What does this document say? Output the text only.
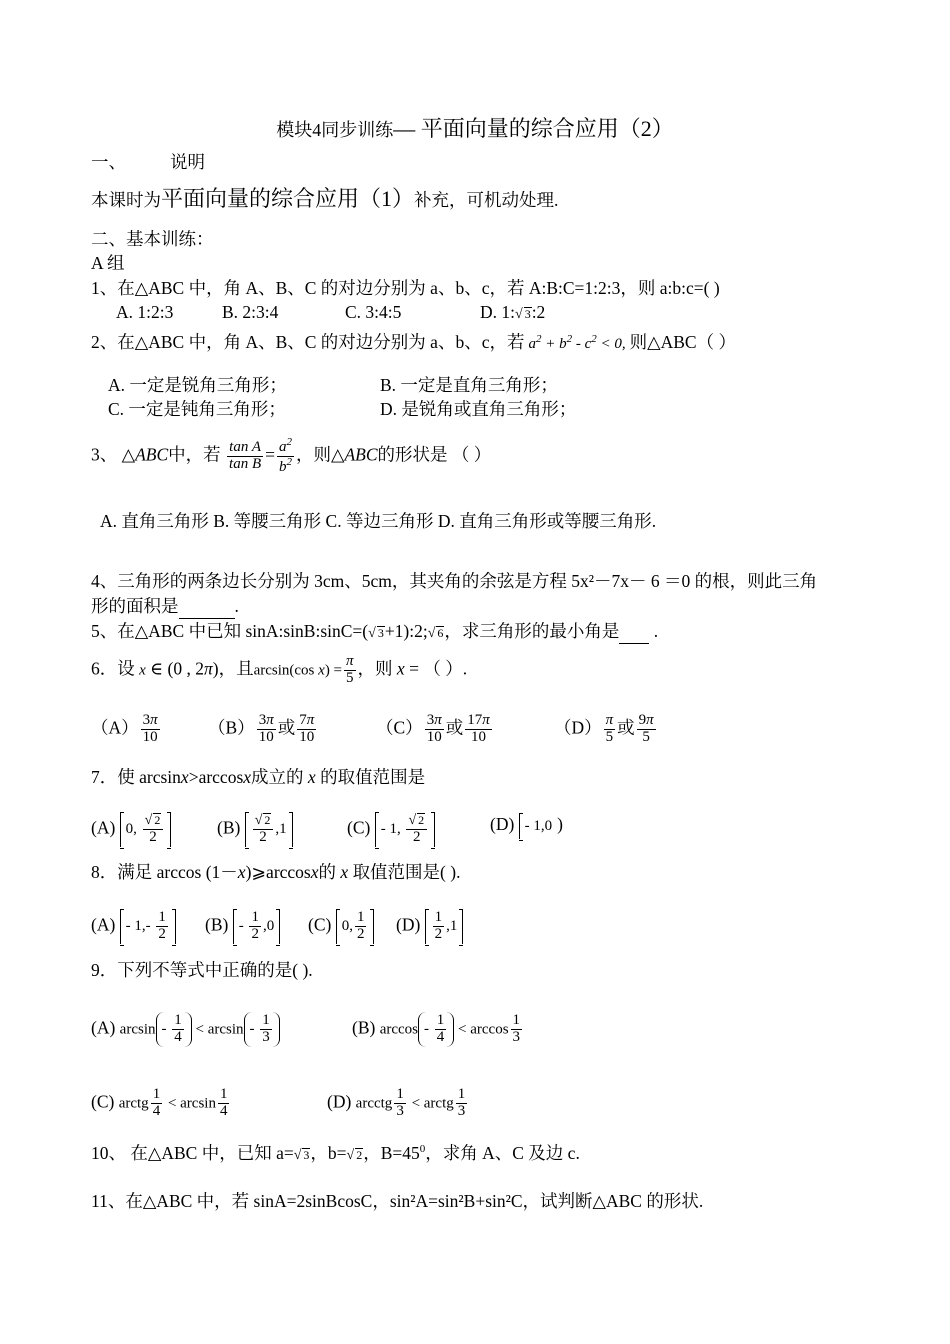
模块4同步训练— 平面向量的综合应用（2）
一、	说明
本课时为平面向量的综合应用（1）补充，可机动处理.
二、基本训练：
A 组
1、在△ABC 中，角 A、B、C 的对边分别为 a、b、c，若 A:B:C=1:2:3，则 a:b:c=( )
A. 1:2:3	B. 2:3:4	C. 3:4:5	D. 1:√ 3:2
2、在△ABC 中，角 A、B、C 的对边分别为 a、b、c，若 $a^2 + b^2 - c^2 < 0$, 则△ABC（ ）
A. 一定是锐角三角形；	B. 一定是直角三角形；
C. 一定是钝角三角形；	D. 是锐角或直角三角形；
3、 △ABC中，若 $\frac{\text{tan A}}{\text{tan B}} = \frac{a^2}{b^2}$ ，则△ABC的形状是 （ ）
A. 直角三角形 B. 等腰三角形 C. 等边三角形 D. 直角三角形或等腰三角形.
4、三角形的两条边长分别为 3cm、5cm，其夹角的余弦是方程 5x²－7x－ 6 ＝0 的根，则此三角
形的面积是	.
5、在△ABC 中已知 sinA:sinB:sinC=(√ 3+1):2;√ 6，求三角形的最小角是  .
6．设 x ∈ (0 , 2π)，且arcsin(cos $x) = \frac{\pi}{5}$ ，则 x = （ ）.
$(A) \frac{3\pi}{10}$	$(B) \frac{3\pi}{10}$ 或 $\frac{7\pi}{10}$	$(C) \frac{3\pi}{10}$ 或 $\frac{17\pi}{10}$	$(D) \frac{\pi}{5}$ 或 $\frac{9\pi}{5}$
7．使 arcsinx>arccosx成立的 x 的取值范围是
(A) 0, $\frac{√ 2}{2}$	$(B) \frac{√ 2}{2} ,1$	(C) - 1, $\frac{√ 2}{2}$	(D) - 1,0 )
8．满足 arccos (1－x)⩾arccosx的 x 取值范围是( ).
$(A) - 1,- \frac{1}{2} (B) - \frac{1}{2} ,0$	(C) 0, $\frac{1}{2} (D) \frac{1}{2} ,1$
9．下列不等式中正确的是( ).
(A) $\arcsin - \frac{1}{4} < \arcsin - \frac{1}{3}$	(B) $\arccos - \frac{1}{4} < \arccos \frac{1}{3}$
(C) arctg $\frac{1}{4} < \arcsin \frac{1}{4}$	(D) arcctg $\frac{1}{3}$ < arctg $\frac{1}{3}$
10、 在△ABC 中，已知 a=√ 3，b=√ 2，$B=45^0$，求角 A、C 及边 c.
11、在△ABC 中，若 sinA=2sinBcosC，sin²A=sin²B+sin²C，试判断△ABC 的形状.
